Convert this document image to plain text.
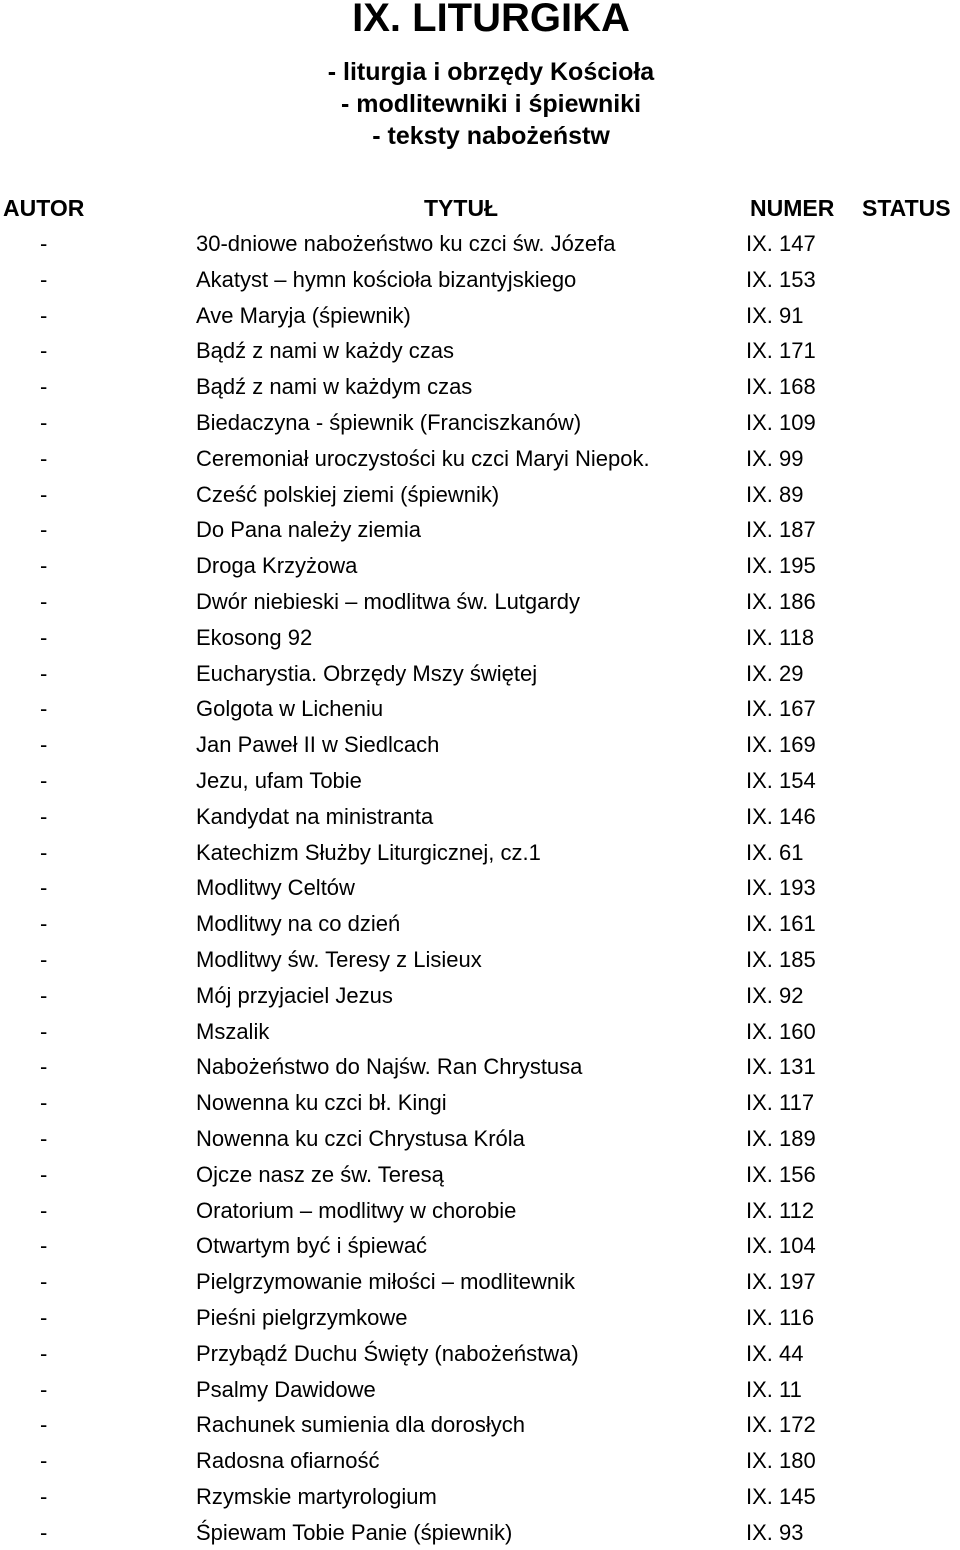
IX. LITURGIKA
- liturgia i obrzędy Kościoła
- modlitewniki i śpiewniki
- teksty nabożeństw
AUTOR	TYTUŁ	NUMER STATUS
-	30-dniowe nabożeństwo ku czci św. Józefa	IX. 147
-	Akatyst – hymn kościoła bizantyjskiego	IX. 153
-	Ave Maryja (śpiewnik)	IX. 91
-	Bądź z nami w każdy czas	IX. 171
-	Bądź z nami w każdym czas	IX. 168
-	Biedaczyna - śpiewnik (Franciszkanów)	IX. 109
-	Ceremoniał uroczystości ku czci Maryi Niepok.	IX. 99
-	Cześć polskiej ziemi (śpiewnik)	IX. 89
-	Do Pana należy ziemia	IX. 187
-	Droga Krzyżowa	IX. 195
-	Dwór niebieski – modlitwa św. Lutgardy	IX. 186
-	Ekosong 92	IX. 118
-	Eucharystia. Obrzędy Mszy świętej	IX. 29
-	Golgota w Licheniu	IX. 167
-	Jan Paweł II w Siedlcach	IX. 169
-	Jezu, ufam Tobie	IX. 154
-	Kandydat na ministranta	IX. 146
-	Katechizm Służby Liturgicznej, cz.1	IX. 61
-	Modlitwy Celtów	IX. 193
-	Modlitwy na co dzień	IX. 161
-	Modlitwy św. Teresy z Lisieux	IX. 185
-	Mój przyjaciel Jezus	IX. 92
-	Mszalik	IX. 160
-	Nabożeństwo do Najśw. Ran Chrystusa	IX. 131
-	Nowenna ku czci bł. Kingi	IX. 117
-	Nowenna ku czci Chrystusa Króla	IX. 189
-	Ojcze nasz ze św. Teresą	IX. 156
-	Oratorium – modlitwy w chorobie	IX. 112
-	Otwartym być i śpiewać	IX. 104
-	Pielgrzymowanie miłości – modlitewnik	IX. 197
-	Pieśni pielgrzymkowe	IX. 116
-	Przybądź Duchu Święty (nabożeństwa)	IX. 44
-	Psalmy Dawidowe	IX. 11
-	Rachunek sumienia dla dorosłych	IX. 172
-	Radosna ofiarność	IX. 180
-	Rzymskie martyrologium	IX. 145
-	Śpiewam Tobie Panie (śpiewnik)	IX. 93
